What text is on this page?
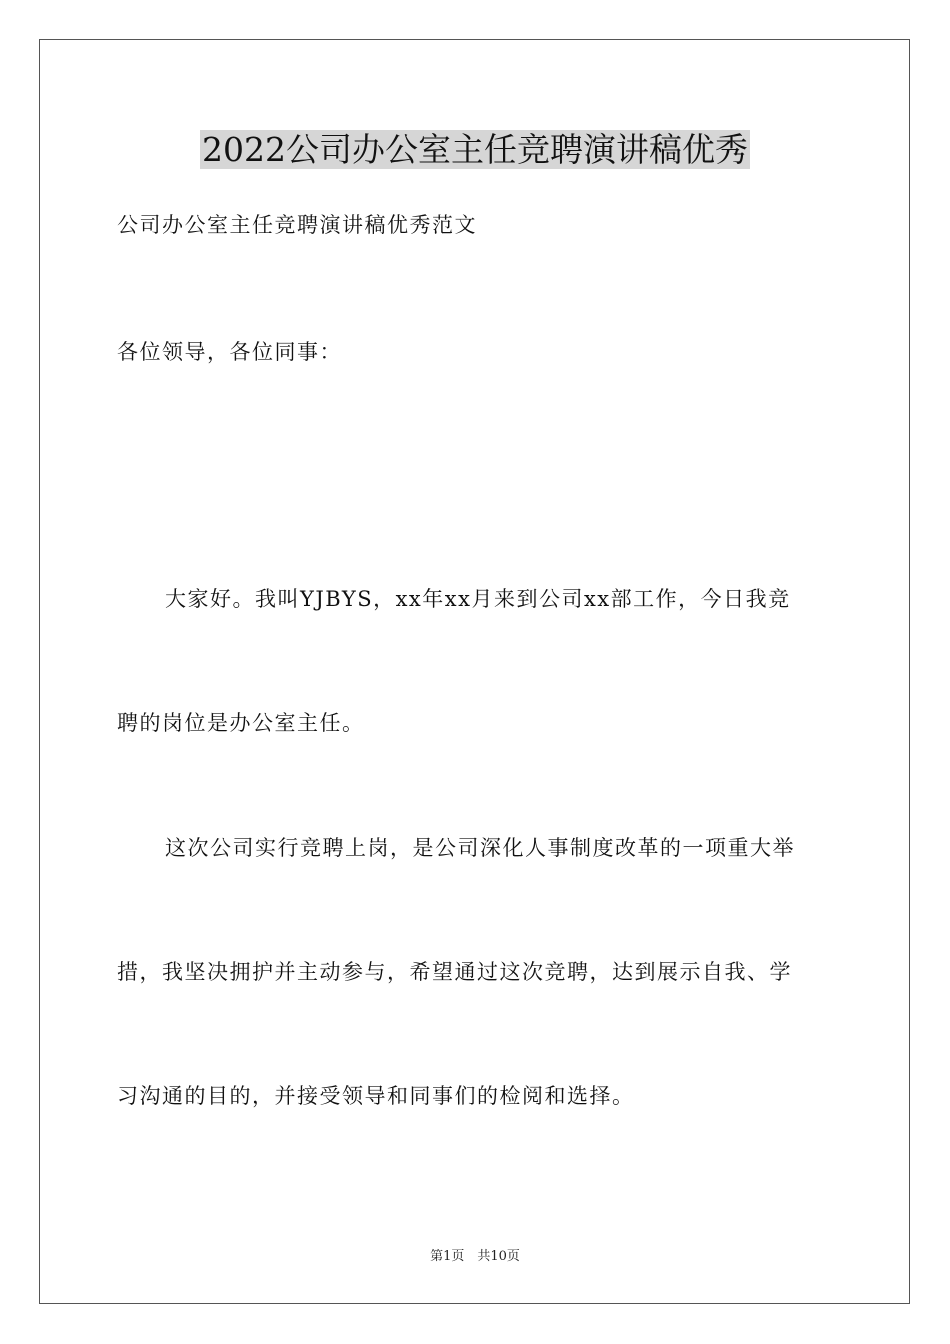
2022公司办公室主任竞聘演讲稿优秀

公司办公室主任竞聘演讲稿优秀范文

各位领导，各位同事：

大家好。我叫YJBYS，xx年xx月来到公司xx部工作，今日我竞

聘的岗位是办公室主任。

这次公司实行竞聘上岗，是公司深化人事制度改革的一项重大举

措，我坚决拥护并主动参与，希望通过这次竞聘，达到展示自我、学

习沟通的目的，并接受领导和同事们的检阅和选择。

第1页　共10页
